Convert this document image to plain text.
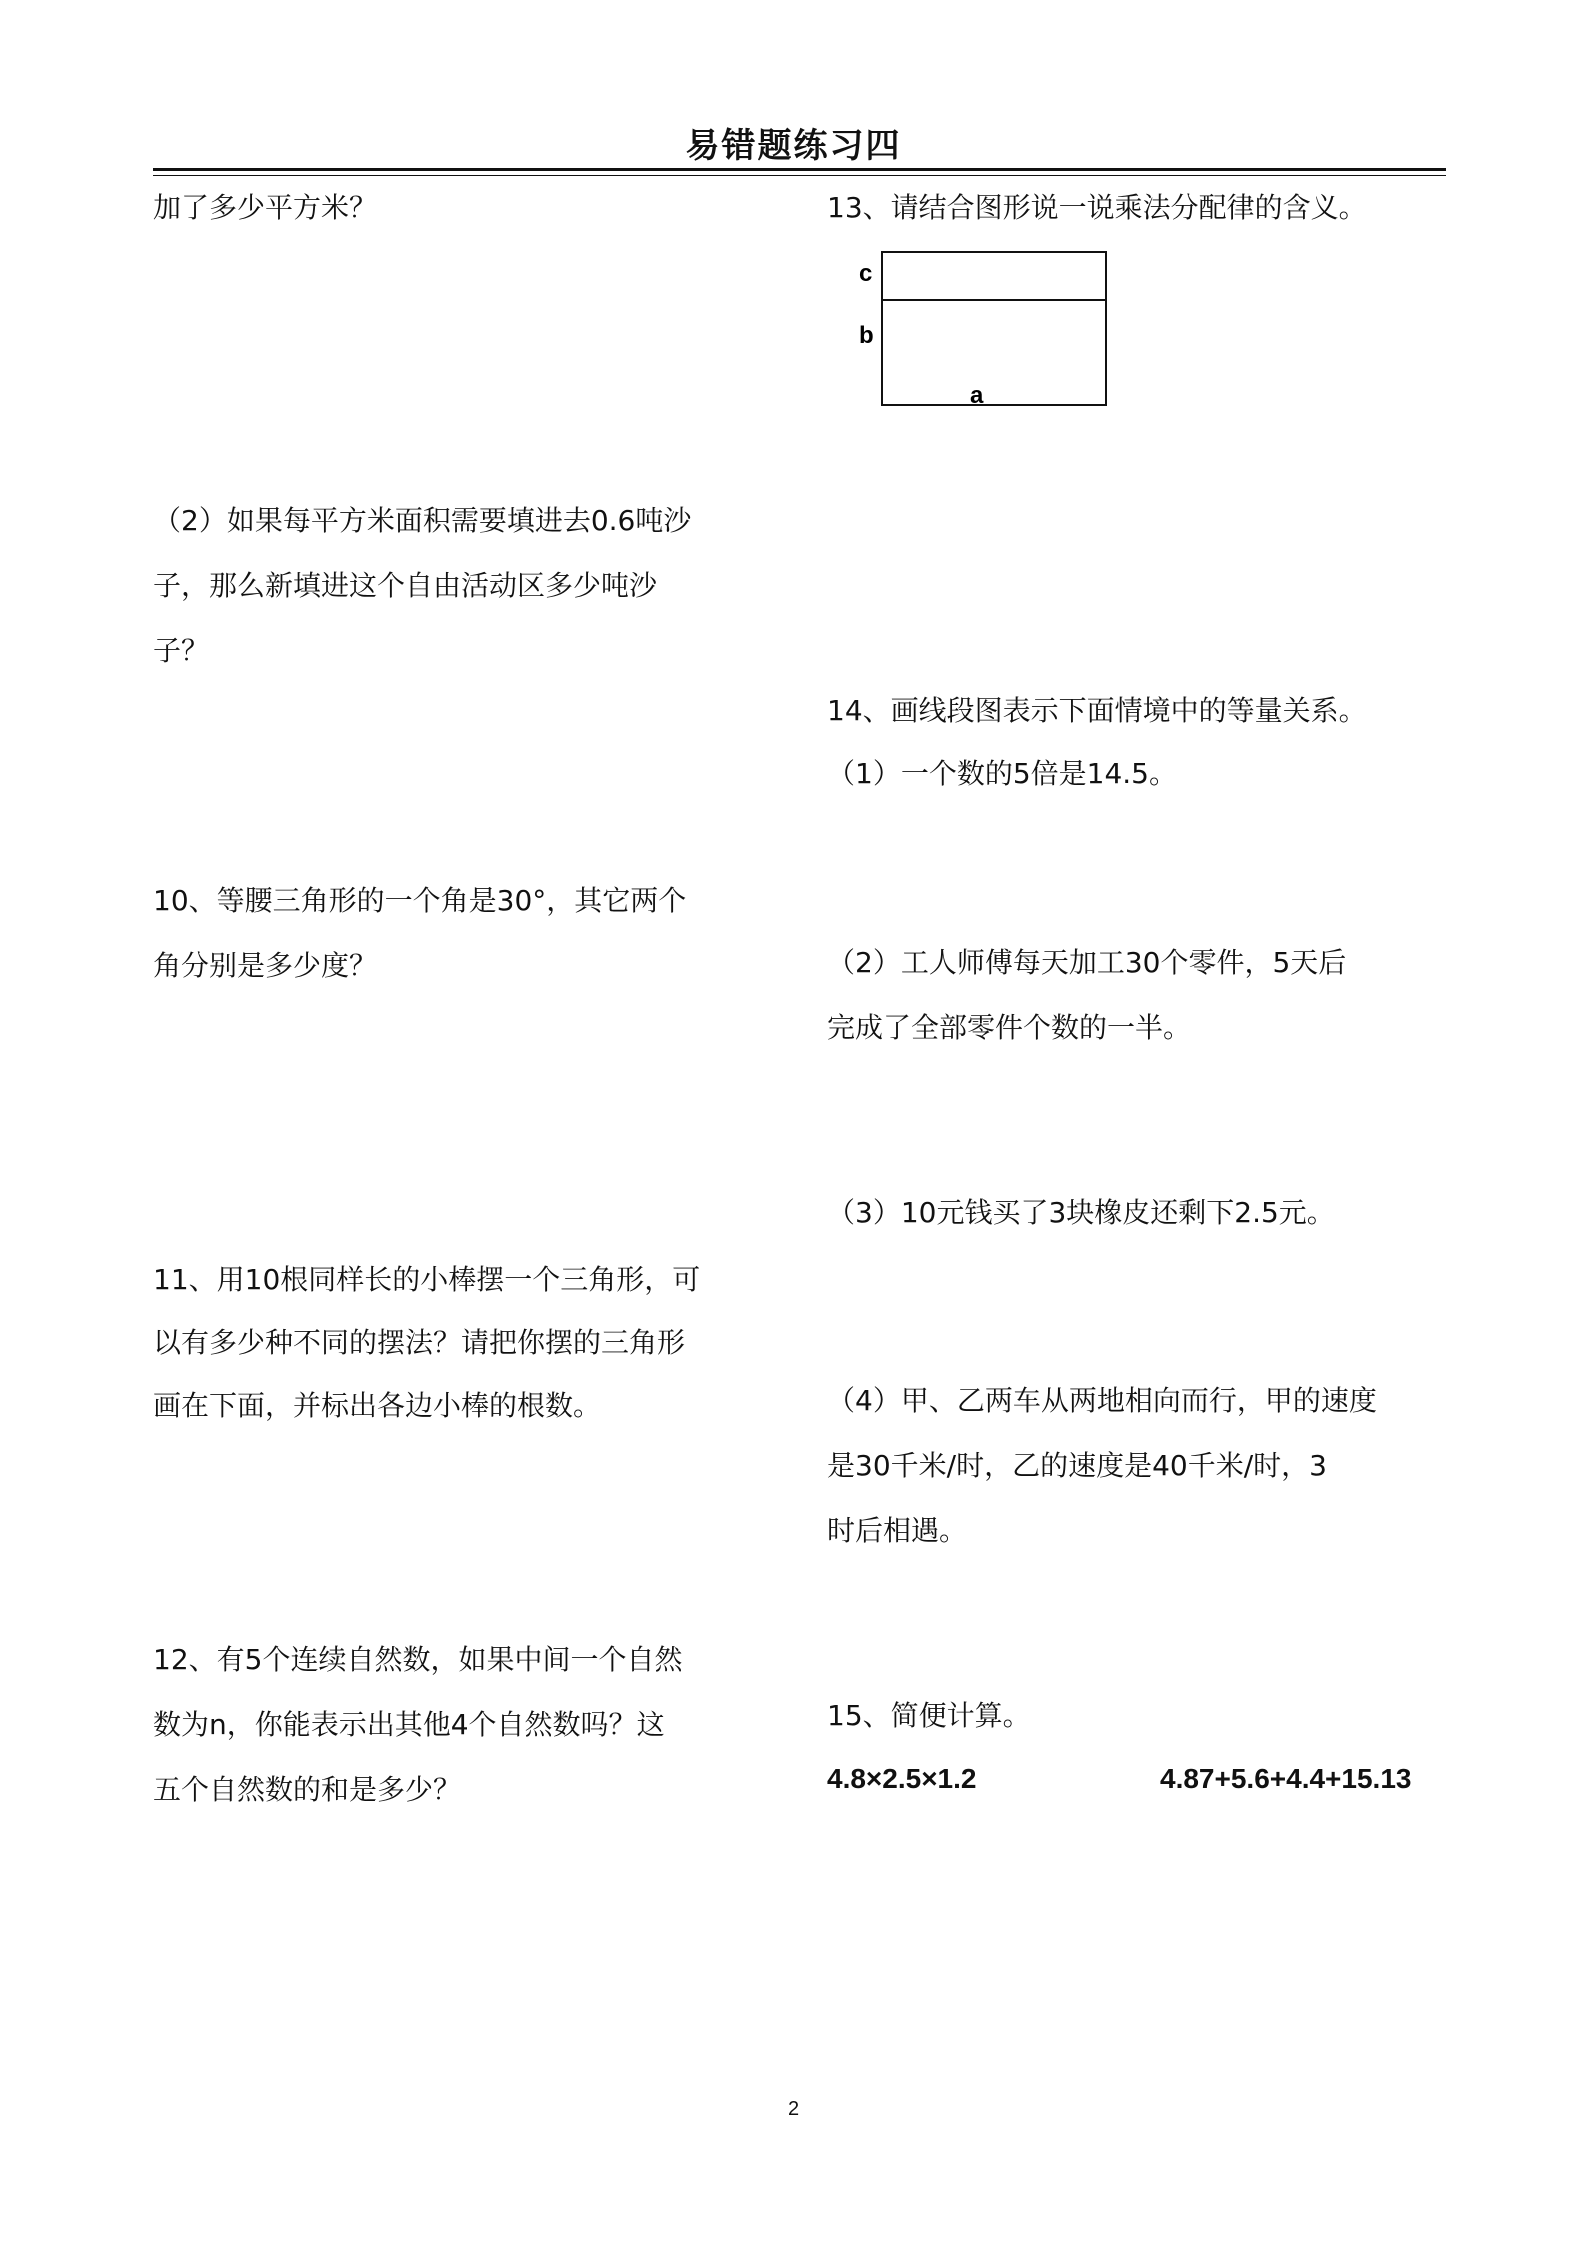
易错题练习四
加了多少平方米？
（2）如果每平方米面积需要填进去0.6吨沙
子，那么新填进这个自由活动区多少吨沙
子？
10、等腰三角形的一个角是30°，其它两个
角分别是多少度？
11、用10根同样长的小棒摆一个三角形，可
以有多少种不同的摆法？请把你摆的三角形
画在下面，并标出各边小棒的根数。
12、有5个连续自然数，如果中间一个自然
数为n，你能表示出其他4个自然数吗？这
五个自然数的和是多少？
13、请结合图形说一说乘法分配律的含义。
c
b
a
14、画线段图表示下面情境中的等量关系。
（1）一个数的5倍是14.5。
（2）工人师傅每天加工30个零件，5天后
完成了全部零件个数的一半。
（3）10元钱买了3块橡皮还剩下2.5元。
（4）甲、乙两车从两地相向而行，甲的速度
是30千米/时，乙的速度是40千米/时，3
时后相遇。
15、简便计算。
4.8×2.5×1.2	4.87+5.6+4.4+15.13
2
